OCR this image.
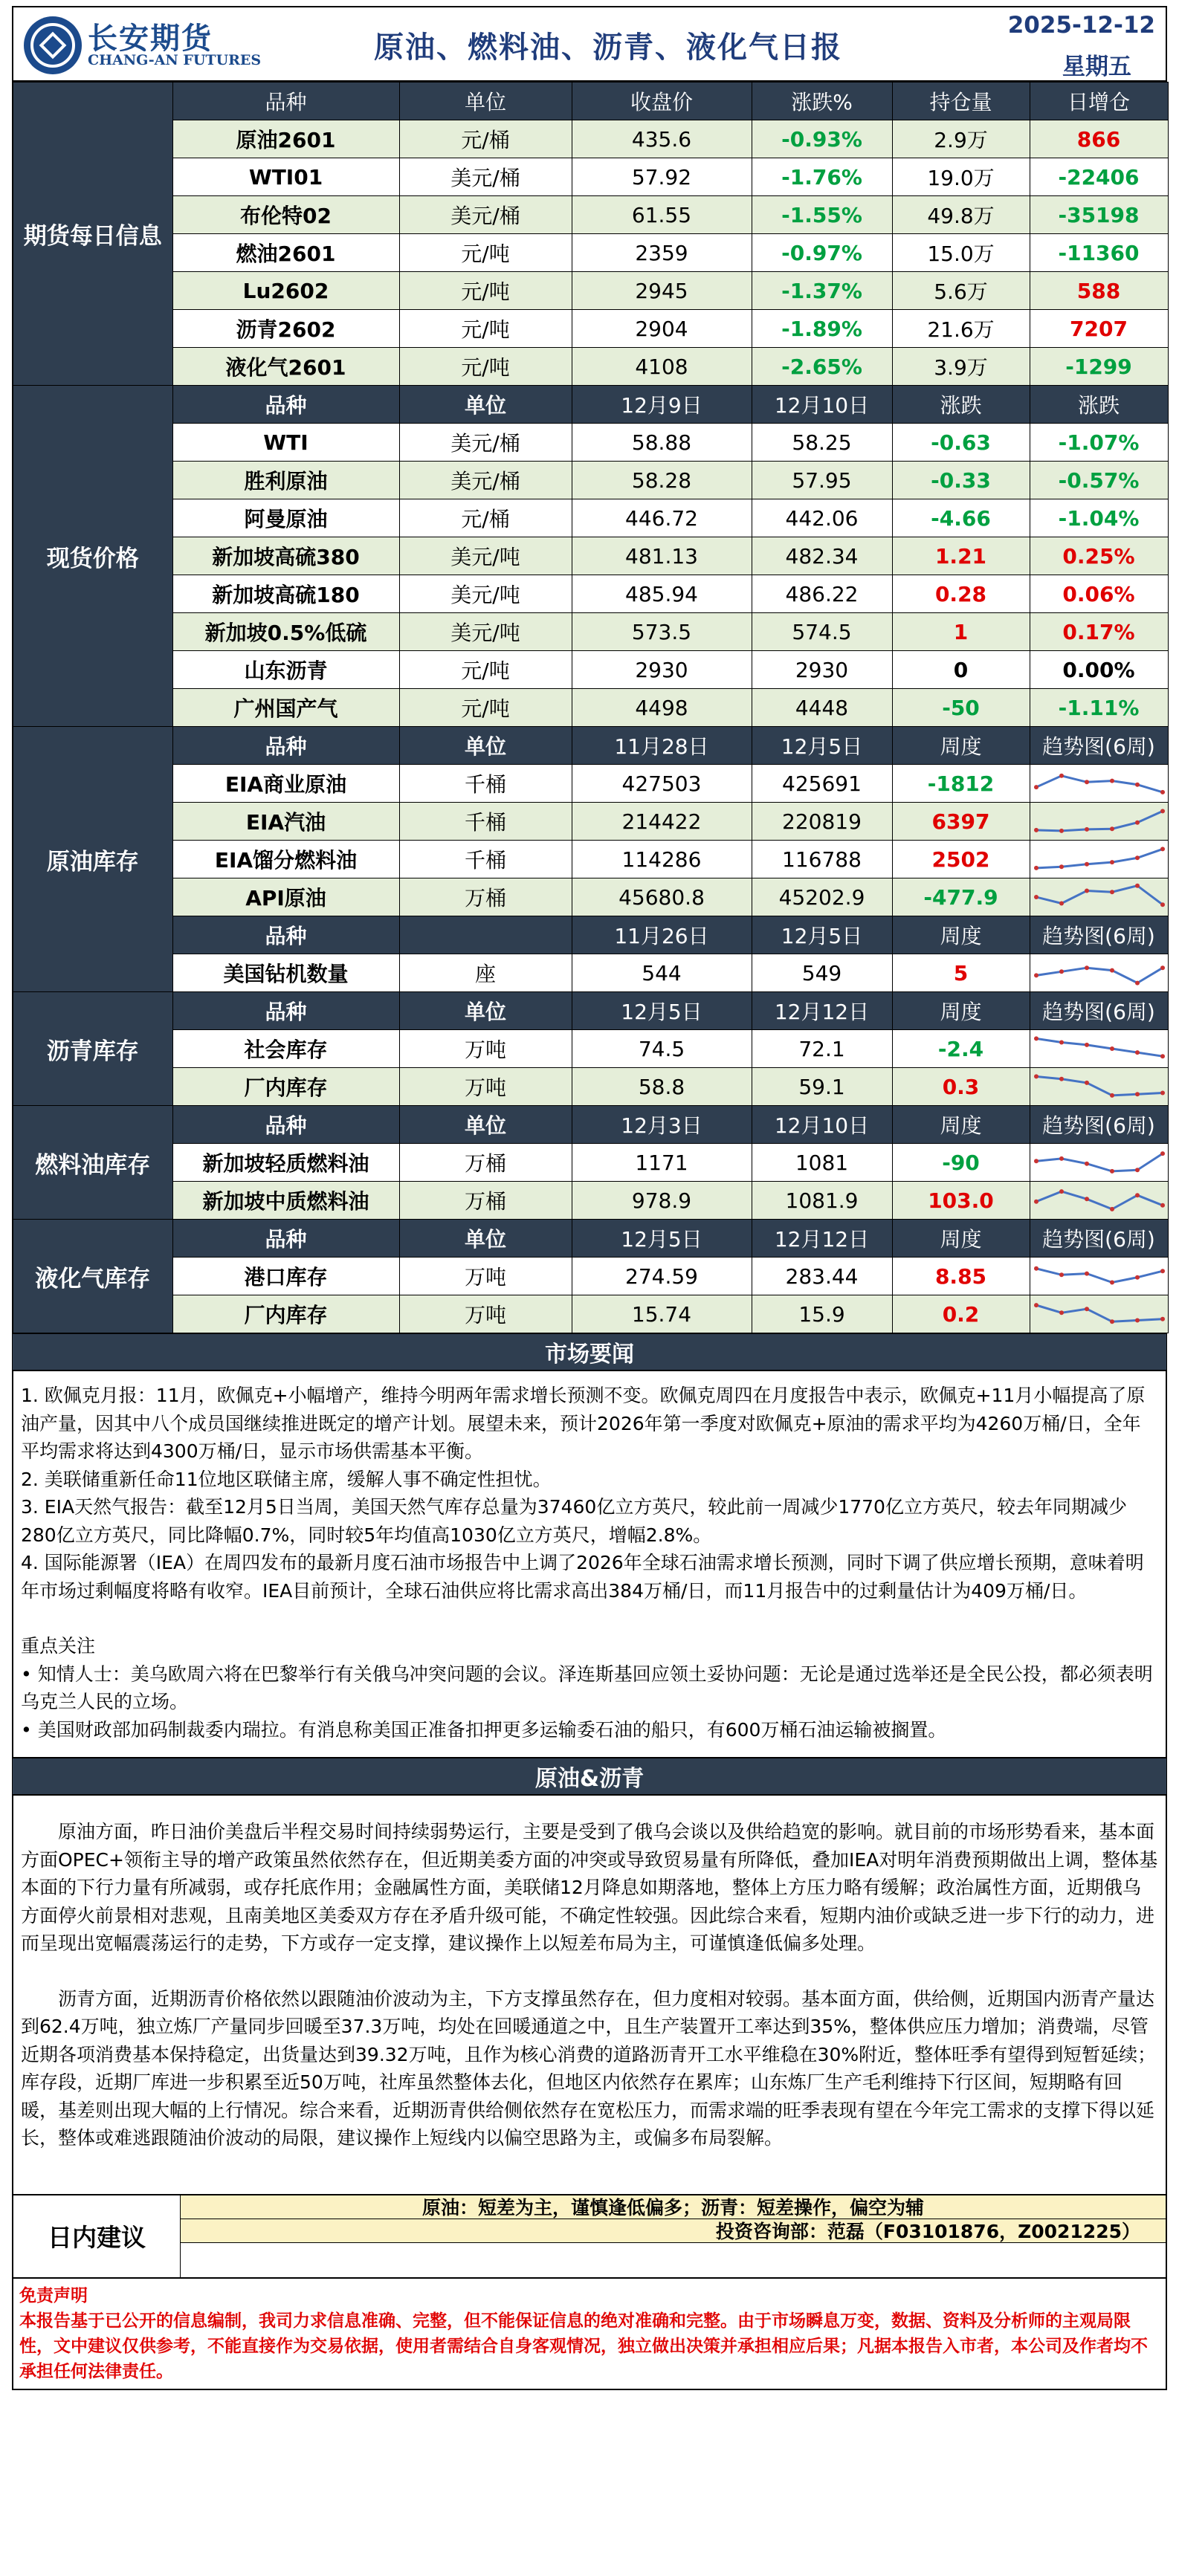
长安期货
CHANG-AN FUTURES	原油、燃料油、沥青、液化气日报
2025-12-12
星期五
期货每日信息	品种	单位	收盘价	涨跌%	持仓量	日增仓
	原油2601	元/桶	435.6	-0.93%	2.9万	866
	WTI01	美元/桶	57.92	-1.76%	19.0万	-22406
	布伦特02	美元/桶	61.55	-1.55%	49.8万	-35198
	燃油2601	元/吨	2359	-0.97%	15.0万	-11360
	Lu2602	元/吨	2945	-1.37%	5.6万	588
	沥青2602	元/吨	2904	-1.89%	21.6万	7207
	液化气2601	元/吨	4108	-2.65%	3.9万	-1299
现货价格	品种	单位	12月9日	12月10日	涨跌	涨跌
	WTI	美元/桶	58.88	58.25	-0.63	-1.07%
	胜利原油	美元/桶	58.28	57.95	-0.33	-0.57%
	阿曼原油	元/桶	446.72	442.06	-4.66	-1.04%
	新加坡高硫380	美元/吨	481.13	482.34	1.21	0.25%
	新加坡高硫180	美元/吨	485.94	486.22	0.28	0.06%
	新加坡0.5%低硫	美元/吨	573.5	574.5	1	0.17%
	山东沥青	元/吨	2930	2930	0	0.00%
	广州国产气	元/吨	4498	4448	-50	-1.11%
原油库存	品种	单位	11月28日	12月5日	周度	趋势图(6周)
	EIA商业原油	千桶	427503	425691	-1812	

	EIA汽油	千桶	214422	220819	6397	

	EIA馏分燃料油	千桶	114286	116788	2502	

	API原油	万桶	45680.8	45202.9	-477.9	

	品种		11月26日	12月5日	周度	趋势图(6周)
	美国钻机数量	座	544	549	5	

沥青库存	品种	单位	12月5日	12月12日	周度	趋势图(6周)
	社会库存	万吨	74.5	72.1	-2.4	

	厂内库存	万吨	58.8	59.1	0.3	

燃料油库存	品种	单位	12月3日	12月10日	周度	趋势图(6周)
	新加坡轻质燃料油	万桶	1171	1081	-90	

	新加坡中质燃料油	万桶	978.9	1081.9	103.0	

液化气库存	品种	单位	12月5日	12月12日	周度	趋势图(6周)
	港口库存	万吨	274.59	283.44	8.85	

	厂内库存	万吨	15.74	15.9	0.2	
市场要闻

1. 欧佩克月报：11月，欧佩克+小幅增产，维持今明两年需求增长预测不变。欧佩克周四在月度报告中表示，欧佩克+11月小幅提高了原油产量，因其中八个成员国继续推进既定的增产计划。展望未来，预计2026年第一季度对欧佩克+原油的需求平均为4260万桶/日，全年平均需求将达到4300万桶/日，显示市场供需基本平衡。

2. 美联储重新任命11位地区联储主席，缓解人事不确定性担忧。

3. EIA天然气报告：截至12月5日当周，美国天然气库存总量为37460亿立方英尺，较此前一周减少1770亿立方英尺，较去年同期减少280亿立方英尺，同比降幅0.7%，同时较5年均值高1030亿立方英尺，增幅2.8%。

4. 国际能源署（IEA）在周四发布的最新月度石油市场报告中上调了2026年全球石油需求增长预测，同时下调了供应增长预期，意味着明年市场过剩幅度将略有收窄。IEA目前预计，全球石油供应将比需求高出384万桶/日，而11月报告中的过剩量估计为409万桶/日。

重点关注

• 知情人士：美乌欧周六将在巴黎举行有关俄乌冲突问题的会议。泽连斯基回应领土妥协问题：无论是通过选举还是全民公投，都必须表明乌克兰人民的立场。

• 美国财政部加码制裁委内瑞拉。有消息称美国正准备扣押更多运输委石油的船只，有600万桶石油运输被搁置。

原油&沥青

原油方面，昨日油价美盘后半程交易时间持续弱势运行，主要是受到了俄乌会谈以及供给趋宽的影响。就目前的市场形势看来，基本面方面OPEC+领衔主导的增产政策虽然依然存在，但近期美委方面的冲突或导致贸易量有所降低，叠加IEA对明年消费预期做出上调，整体基本面的下行力量有所减弱，或存托底作用；金融属性方面，美联储12月降息如期落地，整体上方压力略有缓解；政治属性方面，近期俄乌方面停火前景相对悲观，且南美地区美委双方存在矛盾升级可能，不确定性较强。因此综合来看，短期内油价或缺乏进一步下行的动力，进而呈现出宽幅震荡运行的走势，下方或存一定支撑，建议操作上以短差布局为主，可谨慎逢低偏多处理。

沥青方面，近期沥青价格依然以跟随油价波动为主，下方支撑虽然存在，但力度相对较弱。基本面方面，供给侧，近期国内沥青产量达到62.4万吨，独立炼厂产量同步回暖至37.3万吨，均处在回暖通道之中，且生产装置开工率达到35%，整体供应压力增加；消费端，尽管近期各项消费基本保持稳定，出货量达到39.32万吨，且作为核心消费的道路沥青开工水平维稳在30%附近，整体旺季有望得到短暂延续；库存段，近期厂库进一步积累至近50万吨，社库虽然整体去化，但地区内依然存在累库；山东炼厂生产毛利维持下行区间，短期略有回暖，基差则出现大幅的上行情况。综合来看，近期沥青供给侧依然存在宽松压力，而需求端的旺季表现有望在今年完工需求的支撑下得以延长，整体或难逃跟随油价波动的局限，建议操作上短线内以偏空思路为主，或偏多布局裂解。

日内建议
原油：短差为主，谨慎逢低偏多；沥青：短差操作，偏空为辅
投资咨询部：范磊（F03101876，Z0021225）
免责声明
本报告基于已公开的信息编制，我司力求信息准确、完整，但不能保证信息的绝对准确和完整。由于市场瞬息万变，数据、资料及分析师的主观局限性，文中建议仅供参考，不能直接作为交易依据，使用者需结合自身客观情况，独立做出决策并承担相应后果；凡据本报告入市者，本公司及作者均不承担任何法律责任。
